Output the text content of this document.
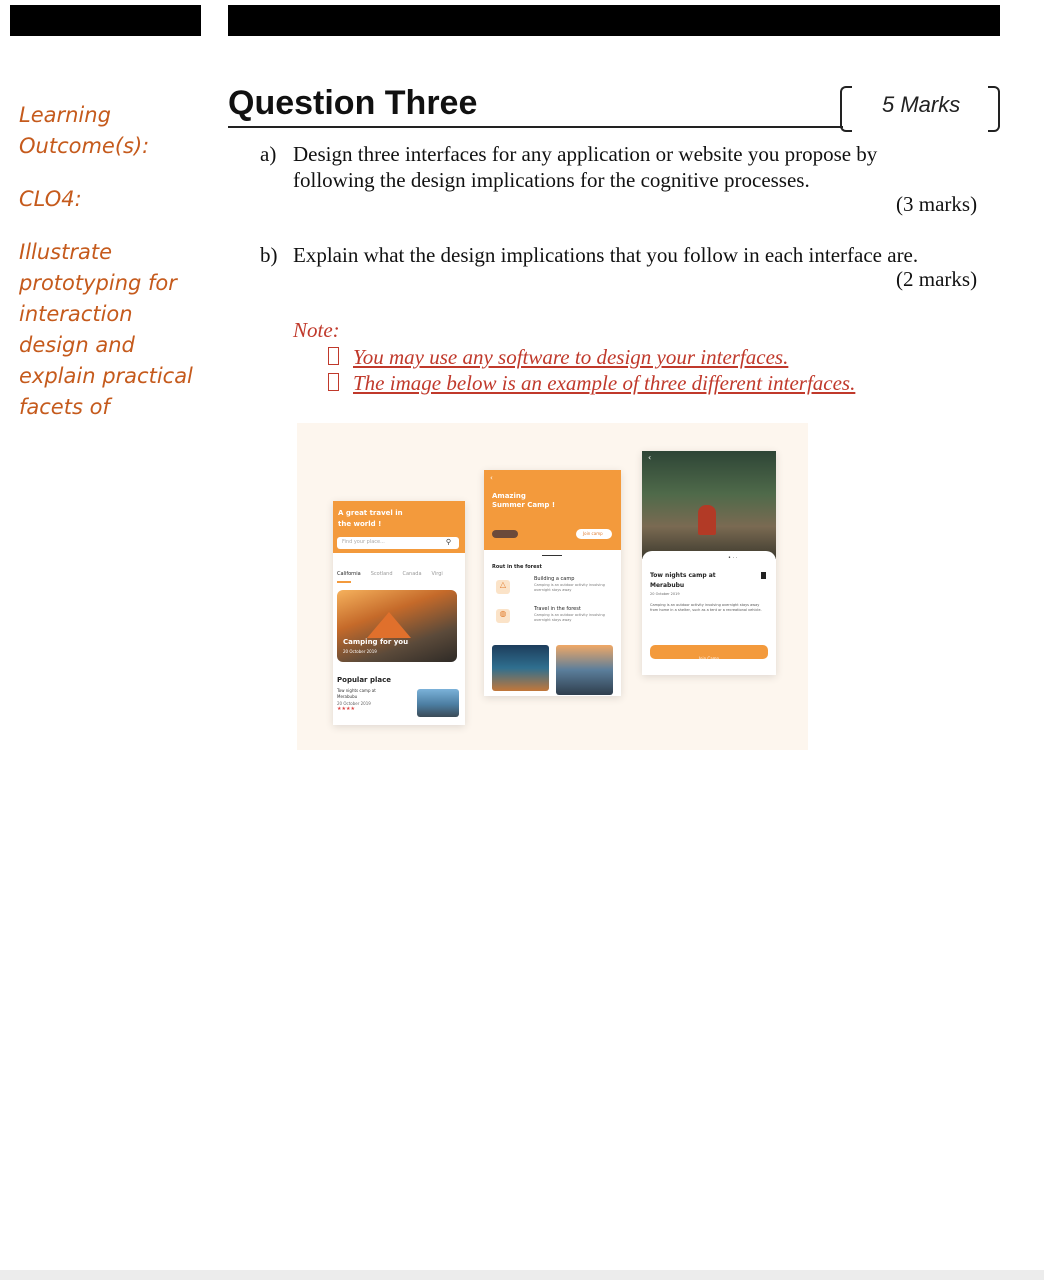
Learning

Outcome(s):

CLO4:

Illustrate

prototyping for

interaction

design and

explain practical

facets of

Question Three	5 Marks
a) Design three interfaces for any application or website you propose by
following the design implications for the cognitive processes.
(3 marks)
b) Explain what the design implications that you follow in each interface are.
(2 marks)
Note:
You may use any software to design your interfaces.
The image below is an example of three different interfaces.
A great travel in the world !
Find your place...	⚲
California Scotland Canada Virgi
Camping for you
20 October 2019
Popular place
Tow nights camp at Merabubu
20 October 2019
★★★★
‹
Amazing
Summer Camp !
Join camp
Rout in the forest
△
Building a camp
Camping is an outdoor activity involving overnight stays away
◍	Travel in the forest
Camping is an outdoor activity involving overnight stays away
‹
• · ·
Tow nights camp at
Merabubu
20 October 2019
Camping is an outdoor activity involving overnight stays away from home in a shelter, such as a tent or a recreational vehicle.
Join Camp
